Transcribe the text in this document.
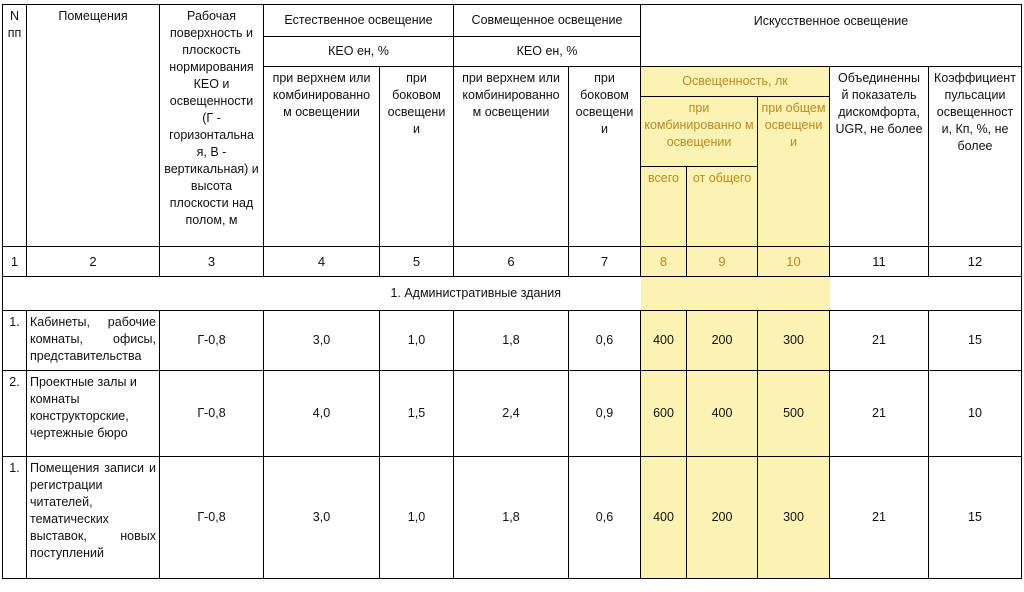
N пп	Помещения	Рабочая поверхность и плоскость нормирования КЕО и освещенности (Г - горизонтальна я, В - вертикальная) и высота плоскости над полом, м	Естественное освещение		Совмещенное освещение		Искусственное освещение				
			КЕО eн, %		КЕО eн, %						
			при верхнем или комбинированно м освещении	при боковом освещени и	при верхнем или комбинированно м освещении	при боковом освещени и	Освещенность, лк			Объединенны й показатель дискомфорта, UGR, не более	Коэффициент пульсации освещенност и, Кп, %, не более
							при комбинированно м освещении		при общем освещени и		
							всего	от общего			
1	2	3	4	5	6	7	8	9	10	11	12
1. Административные здания											
1.	Кабинеты, рабочие комнаты, офисы, представительства	Г-0,8	3,0	1,0	1,8	0,6	400	200	300	21	15
2.	Проектные залы и комнаты конструкторские, чертежные бюро	Г-0,8	4,0	1,5	2,4	0,9	600	400	500	21	10
1.	Помещения записи и регистрации читателей, тематических выставок, новых поступлений	Г-0,8	3,0	1,0	1,8	0,6	400	200	300	21	15
